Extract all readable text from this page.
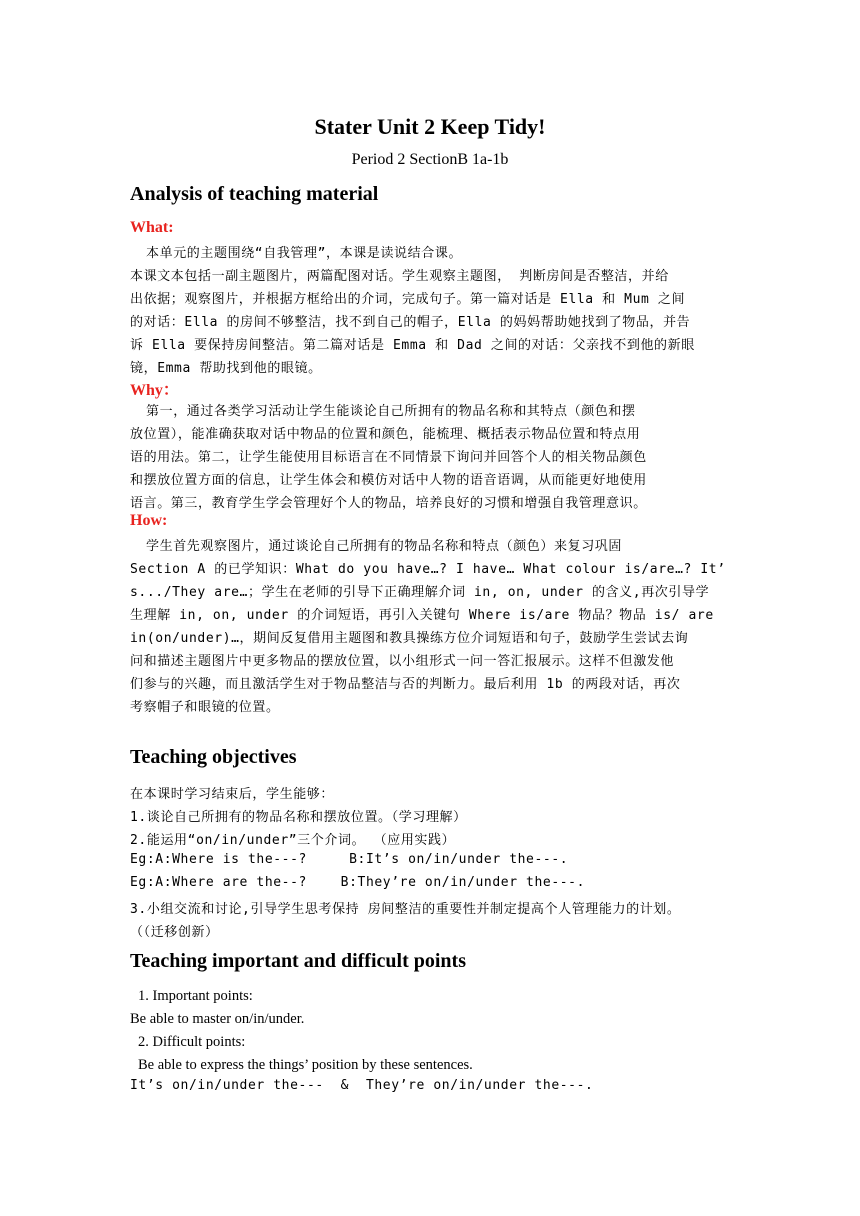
Stater Unit 2 Keep Tidy!
Period 2 SectionB 1a-1b
Analysis of teaching material
What:
本单元的主题围绕“自我管理”，本课是读说结合课。
本课文本包括一副主题图片，两篇配图对话。学生观察主题图， 判断房间是否整洁，并给
出依据；观察图片，并根据方框给出的介词，完成句子。第一篇对话是 Ella 和 Mum 之间
的对话：Ella 的房间不够整洁，找不到自己的帽子，Ella 的妈妈帮助她找到了物品，并告
诉 Ella 要保持房间整洁。第二篇对话是 Emma 和 Dad 之间的对话：父亲找不到他的新眼
镜，Emma 帮助找到他的眼镜。
Why：
第一，通过各类学习活动让学生能谈论自己所拥有的物品名称和其特点（颜色和摆
放位置），能准确获取对话中物品的位置和颜色，能梳理、概括表示物品位置和特点用
语的用法。第二，让学生能使用目标语言在不同情景下询问并回答个人的相关物品颜色
和摆放位置方面的信息，让学生体会和模仿对话中人物的语音语调，从而能更好地使用
语言。第三，教育学生学会管理好个人的物品，培养良好的习惯和增强自我管理意识。
How:
学生首先观察图片，通过谈论自己所拥有的物品名称和特点（颜色）来复习巩固
Section A 的已学知识：What do you have…? I have… What colour is/are…? It’
s.../They are…；学生在老师的引导下正确理解介词 in, on, under 的含义,再次引导学
生理解 in, on, under 的介词短语，再引入关键句 Where is/are 物品？物品 is/ are
in(on/under)…，期间反复借用主题图和教具操练方位介词短语和句子，鼓励学生尝试去询
问和描述主题图片中更多物品的摆放位置，以小组形式一问一答汇报展示。这样不但激发他
们参与的兴趣，而且激活学生对于物品整洁与否的判断力。最后利用 1b 的两段对话，再次
考察帽子和眼镜的位置。
Teaching objectives
在本课时学习结束后，学生能够：
1.谈论自己所拥有的物品名称和摆放位置。（学习理解）
2.能运用“on/in/under”三个介词。 （应用实践）
Eg:A:Where is the---?     B:It’s on/in/under the---.
Eg:A:Where are the--?    B:They’re on/in/under the---.
3.小组交流和讨论,引导学生思考保持 房间整洁的重要性并制定提高个人管理能力的计划。
（（迁移创新）
Teaching important and difficult points
1. Important points:
Be able to master on/in/under.
2. Difficult points:
Be able to express the things’ position by these sentences.
It’s on/in/under the---  &  They’re on/in/under the---.
